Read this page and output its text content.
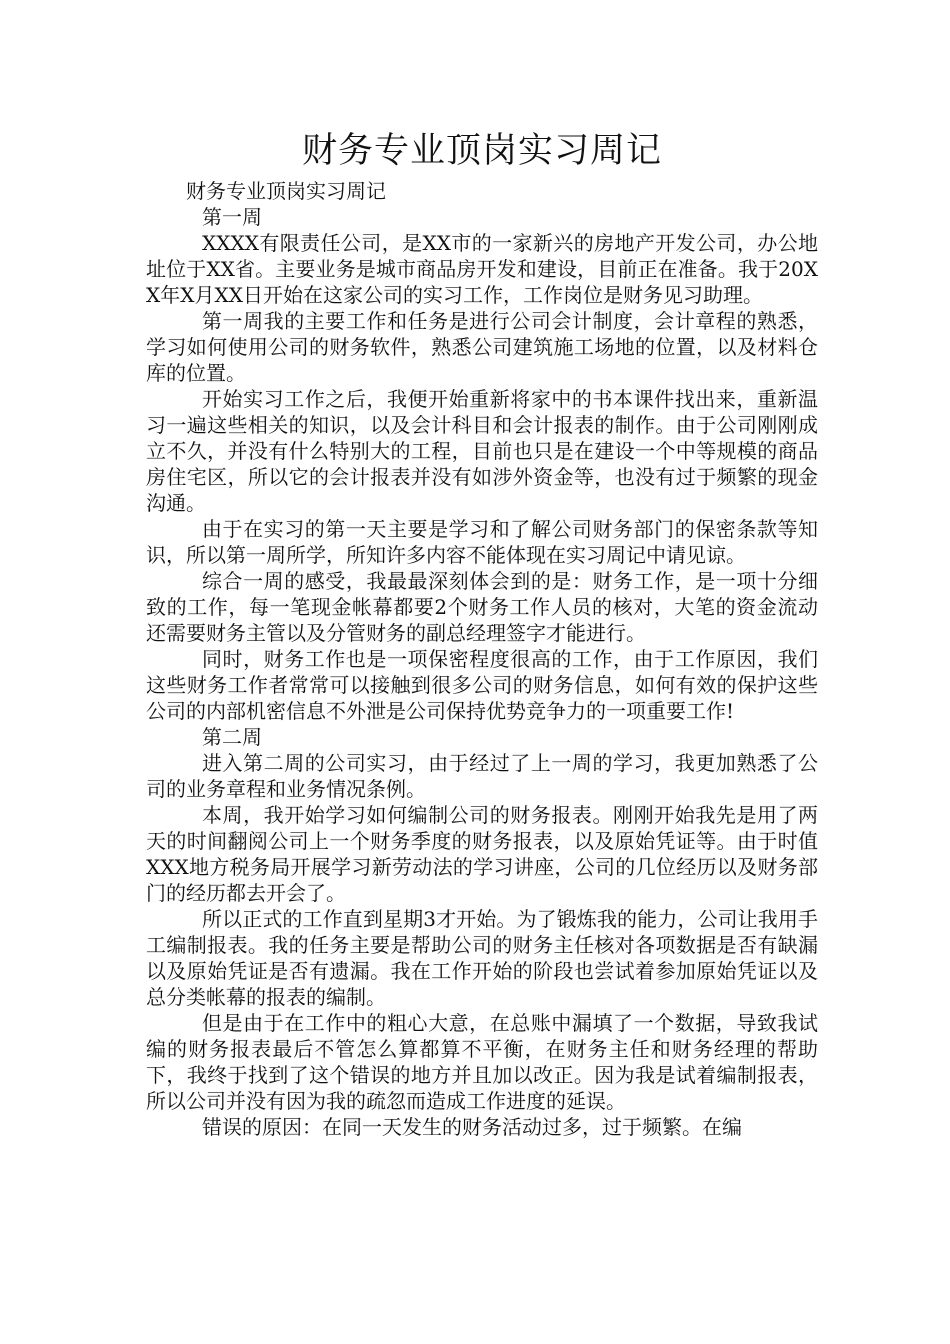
财务专业顶岗实习周记

财务专业顶岗实习周记

第一周

XXXX有限责任公司，是XX市的一家新兴的房地产开发公司，办公地址位于XX省。主要业务是城市商品房开发和建设，目前正在准备。我于20XX年X月XX日开始在这家公司的实习工作，工作岗位是财务见习助理。

第一周我的主要工作和任务是进行公司会计制度，会计章程的熟悉，学习如何使用公司的财务软件，熟悉公司建筑施工场地的位置，以及材料仓库的位置。

开始实习工作之后，我便开始重新将家中的书本课件找出来，重新温习一遍这些相关的知识，以及会计科目和会计报表的制作。由于公司刚刚成立不久，并没有什么特别大的工程，目前也只是在建设一个中等规模的商品房住宅区，所以它的会计报表并没有如涉外资金等，也没有过于频繁的现金沟通。

由于在实习的第一天主要是学习和了解公司财务部门的保密条款等知识，所以第一周所学，所知许多内容不能体现在实习周记中请见谅。

综合一周的感受，我最最深刻体会到的是：财务工作，是一项十分细致的工作，每一笔现金帐幕都要2个财务工作人员的核对，大笔的资金流动还需要财务主管以及分管财务的副总经理签字才能进行。

同时，财务工作也是一项保密程度很高的工作，由于工作原因，我们这些财务工作者常常可以接触到很多公司的财务信息，如何有效的保护这些公司的内部机密信息不外泄是公司保持优势竞争力的一项重要工作!

第二周

进入第二周的公司实习，由于经过了上一周的学习，我更加熟悉了公司的业务章程和业务情况条例。

本周，我开始学习如何编制公司的财务报表。刚刚开始我先是用了两天的时间翻阅公司上一个财务季度的财务报表，以及原始凭证等。由于时值XXX地方税务局开展学习新劳动法的学习讲座，公司的几位经历以及财务部门的经历都去开会了。

所以正式的工作直到星期3才开始。为了锻炼我的能力，公司让我用手工编制报表。我的任务主要是帮助公司的财务主任核对各项数据是否有缺漏以及原始凭证是否有遗漏。我在工作开始的阶段也尝试着参加原始凭证以及总分类帐幕的报表的编制。

但是由于在工作中的粗心大意，在总账中漏填了一个数据，导致我试编的财务报表最后不管怎么算都算不平衡，在财务主任和财务经理的帮助下，我终于找到了这个错误的地方并且加以改正。因为我是试着编制报表，所以公司并没有因为我的疏忽而造成工作进度的延误。

错误的原因：在同一天发生的财务活动过多，过于频繁。在编
